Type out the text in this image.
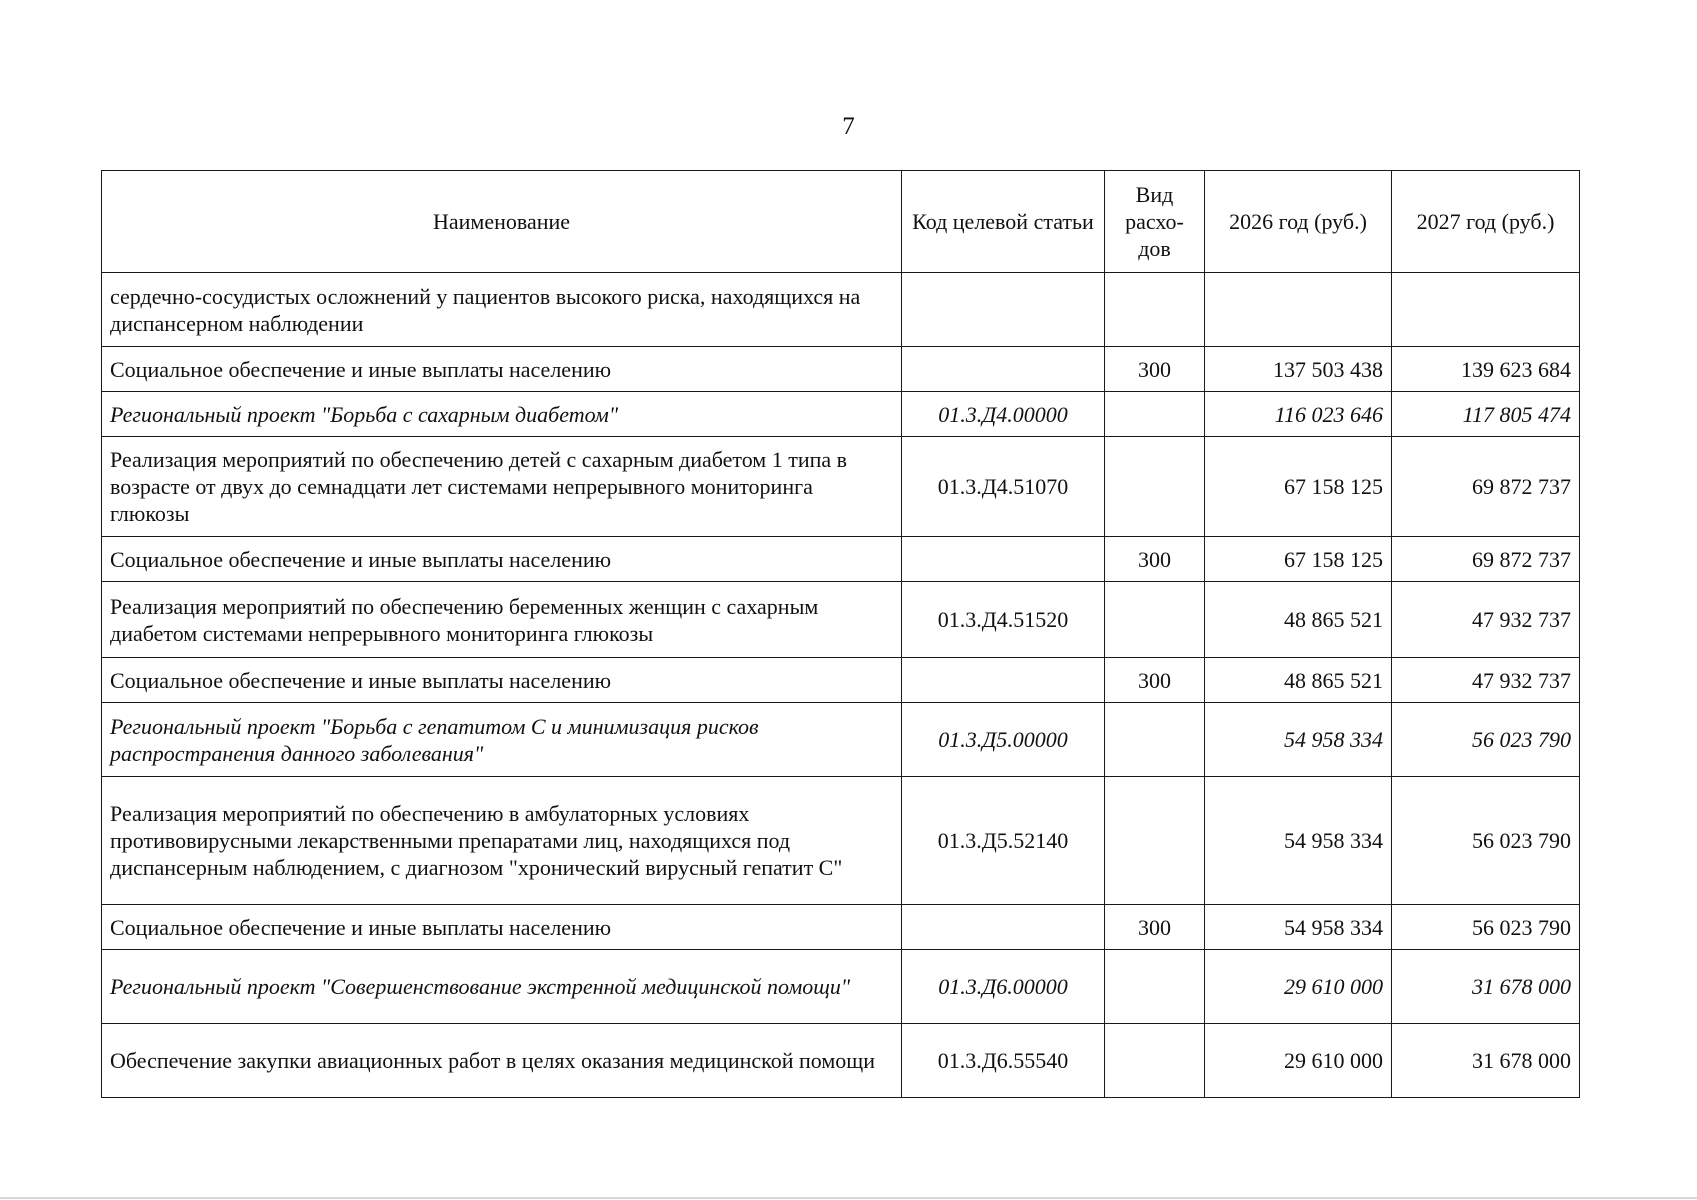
7
Наименование	Код целевой статьи	Вид расхо-дов	2026 год (руб.)	2027 год (руб.)
сердечно-сосудистых осложнений у пациентов высокого риска, находящихся на диспансерном наблюдении				
Социальное обеспечение и иные выплаты населению		300	137 503 438	139 623 684
Региональный проект "Борьба с сахарным диабетом"	01.3.Д4.00000		116 023 646	117 805 474
Реализация мероприятий по обеспечению детей с сахарным диабетом 1 типа в возрасте от двух до семнадцати лет системами непрерывного мониторинга глюкозы	01.3.Д4.51070		67 158 125	69 872 737
Социальное обеспечение и иные выплаты населению		300	67 158 125	69 872 737
Реализация мероприятий по обеспечению беременных женщин с сахарным диабетом системами непрерывного мониторинга глюкозы	01.3.Д4.51520		48 865 521	47 932 737
Социальное обеспечение и иные выплаты населению		300	48 865 521	47 932 737
Региональный проект "Борьба с гепатитом С и минимизация рисков распространения данного заболевания"	01.3.Д5.00000		54 958 334	56 023 790
Реализация мероприятий по обеспечению в амбулаторных условиях противовирусными лекарственными препаратами лиц, находящихся под диспансерным наблюдением, с диагнозом "хронический вирусный гепатит С"	01.3.Д5.52140		54 958 334	56 023 790
Социальное обеспечение и иные выплаты населению		300	54 958 334	56 023 790
Региональный проект "Совершенствование экстренной медицинской помощи"	01.3.Д6.00000		29 610 000	31 678 000
Обеспечение закупки авиационных работ в целях оказания медицинской помощи	01.3.Д6.55540		29 610 000	31 678 000
